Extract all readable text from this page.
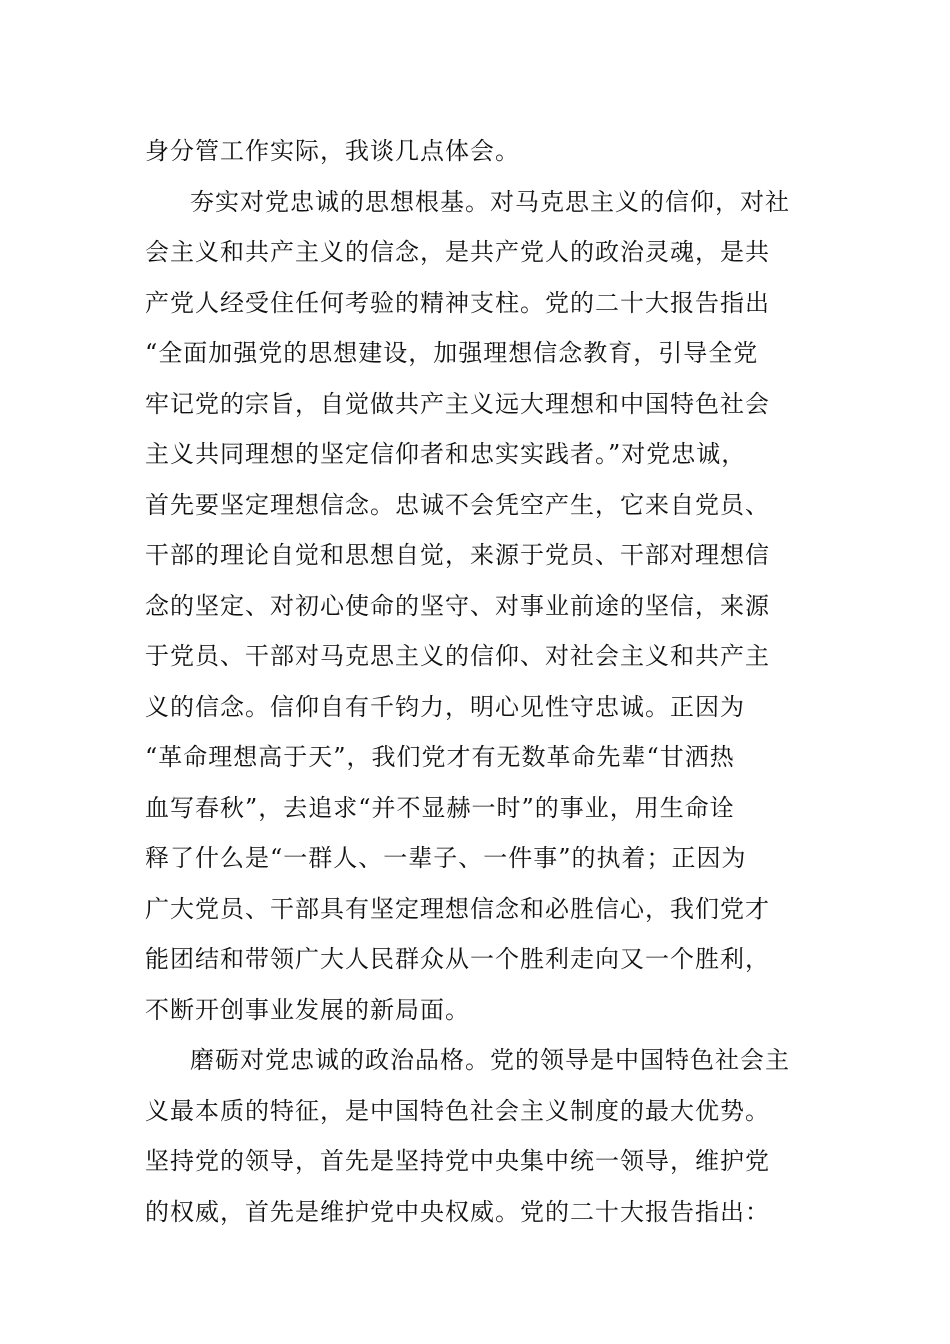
身分管工作实际，我谈几点体会。
夯实对党忠诚的思想根基。对马克思主义的信仰，对社
会主义和共产主义的信念，是共产党人的政治灵魂，是共
产党人经受住任何考验的精神支柱。党的二十大报告指出
“全面加强党的思想建设，加强理想信念教育，引导全党
牢记党的宗旨，自觉做共产主义远大理想和中国特色社会
主义共同理想的坚定信仰者和忠实实践者。”对党忠诚，
首先要坚定理想信念。忠诚不会凭空产生，它来自党员、
干部的理论自觉和思想自觉，来源于党员、干部对理想信
念的坚定、对初心使命的坚守、对事业前途的坚信，来源
于党员、干部对马克思主义的信仰、对社会主义和共产主
义的信念。信仰自有千钧力，明心见性守忠诚。正因为
“革命理想高于天”，我们党才有无数革命先辈“甘洒热
血写春秋”，去追求“并不显赫一时”的事业，用生命诠
释了什么是“一群人、一辈子、一件事”的执着；正因为
广大党员、干部具有坚定理想信念和必胜信心，我们党才
能团结和带领广大人民群众从一个胜利走向又一个胜利，
不断开创事业发展的新局面。
磨砺对党忠诚的政治品格。党的领导是中国特色社会主
义最本质的特征，是中国特色社会主义制度的最大优势。
坚持党的领导，首先是坚持党中央集中统一领导，维护党
的权威，首先是维护党中央权威。党的二十大报告指出：
